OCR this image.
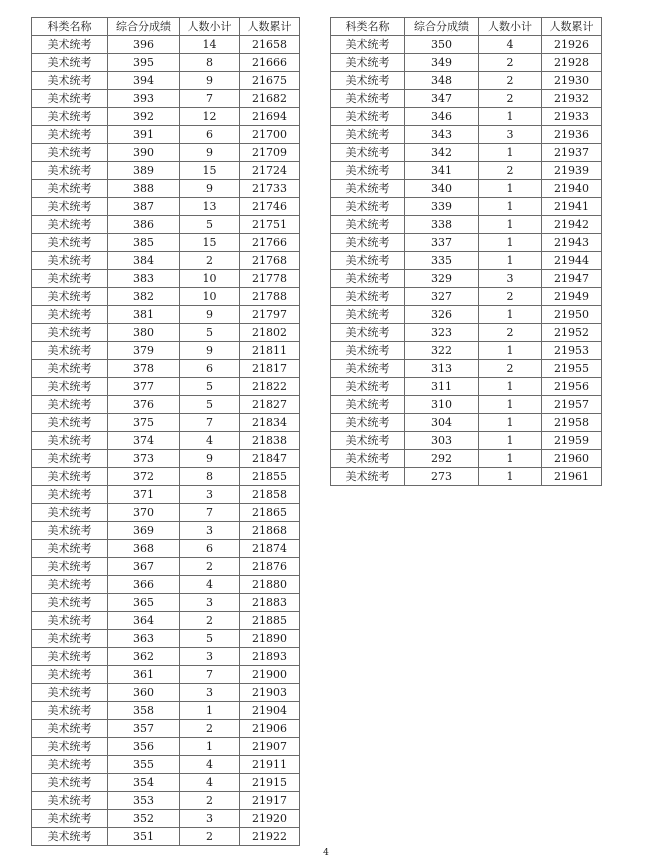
科类名称	综合分成绩	人数小计	人数累计
美术统考	396	14	21658
美术统考	395	8	21666
美术统考	394	9	21675
美术统考	393	7	21682
美术统考	392	12	21694
美术统考	391	6	21700
美术统考	390	9	21709
美术统考	389	15	21724
美术统考	388	9	21733
美术统考	387	13	21746
美术统考	386	5	21751
美术统考	385	15	21766
美术统考	384	2	21768
美术统考	383	10	21778
美术统考	382	10	21788
美术统考	381	9	21797
美术统考	380	5	21802
美术统考	379	9	21811
美术统考	378	6	21817
美术统考	377	5	21822
美术统考	376	5	21827
美术统考	375	7	21834
美术统考	374	4	21838
美术统考	373	9	21847
美术统考	372	8	21855
美术统考	371	3	21858
美术统考	370	7	21865
美术统考	369	3	21868
美术统考	368	6	21874
美术统考	367	2	21876
美术统考	366	4	21880
美术统考	365	3	21883
美术统考	364	2	21885
美术统考	363	5	21890
美术统考	362	3	21893
美术统考	361	7	21900
美术统考	360	3	21903
美术统考	358	1	21904
美术统考	357	2	21906
美术统考	356	1	21907
美术统考	355	4	21911
美术统考	354	4	21915
美术统考	353	2	21917
美术统考	352	3	21920
美术统考	351	2	21922
科类名称	综合分成绩	人数小计	人数累计
美术统考	350	4	21926
美术统考	349	2	21928
美术统考	348	2	21930
美术统考	347	2	21932
美术统考	346	1	21933
美术统考	343	3	21936
美术统考	342	1	21937
美术统考	341	2	21939
美术统考	340	1	21940
美术统考	339	1	21941
美术统考	338	1	21942
美术统考	337	1	21943
美术统考	335	1	21944
美术统考	329	3	21947
美术统考	327	2	21949
美术统考	326	1	21950
美术统考	323	2	21952
美术统考	322	1	21953
美术统考	313	2	21955
美术统考	311	1	21956
美术统考	310	1	21957
美术统考	304	1	21958
美术统考	303	1	21959
美术统考	292	1	21960
美术统考	273	1	21961
4
